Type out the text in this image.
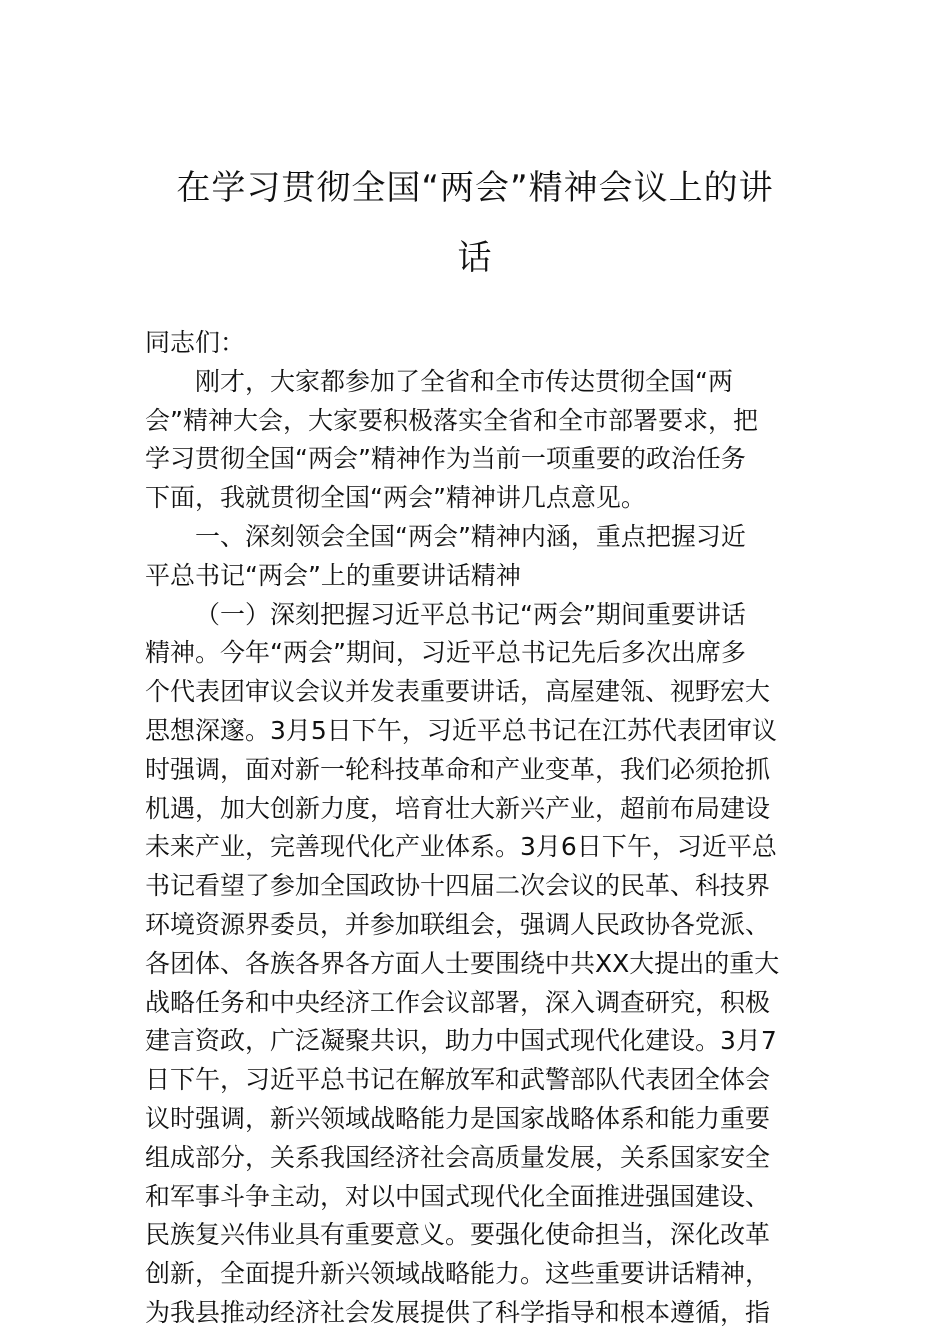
在学习贯彻全国“两会”精神会议上的讲
话
同志们：
刚才，大家都参加了全省和全市传达贯彻全国“两
会”精神大会，大家要积极落实全省和全市部署要求，把
学习贯彻全国“两会”精神作为当前一项重要的政治任务
下面，我就贯彻全国“两会”精神讲几点意见。
一、深刻领会全国“两会”精神内涵，重点把握习近
平总书记“两会”上的重要讲话精神
（一）深刻把握习近平总书记“两会”期间重要讲话
精神。今年“两会”期间，习近平总书记先后多次出席多
个代表团审议会议并发表重要讲话，高屋建瓴、视野宏大
思想深邃。3月5日下午，习近平总书记在江苏代表团审议
时强调，面对新一轮科技革命和产业变革，我们必须抢抓
机遇，加大创新力度，培育壮大新兴产业，超前布局建设
未来产业，完善现代化产业体系。3月6日下午，习近平总
书记看望了参加全国政协十四届二次会议的民革、科技界
环境资源界委员，并参加联组会，强调人民政协各党派、
各团体、各族各界各方面人士要围绕中共XX大提出的重大
战略任务和中央经济工作会议部署，深入调查研究，积极
建言资政，广泛凝聚共识，助力中国式现代化建设。3月7
日下午，习近平总书记在解放军和武警部队代表团全体会
议时强调，新兴领域战略能力是国家战略体系和能力重要
组成部分，关系我国经济社会高质量发展，关系国家安全
和军事斗争主动，对以中国式现代化全面推进强国建设、
民族复兴伟业具有重要意义。要强化使命担当，深化改革
创新，全面提升新兴领域战略能力。这些重要讲话精神，
为我县推动经济社会发展提供了科学指导和根本遵循，指
